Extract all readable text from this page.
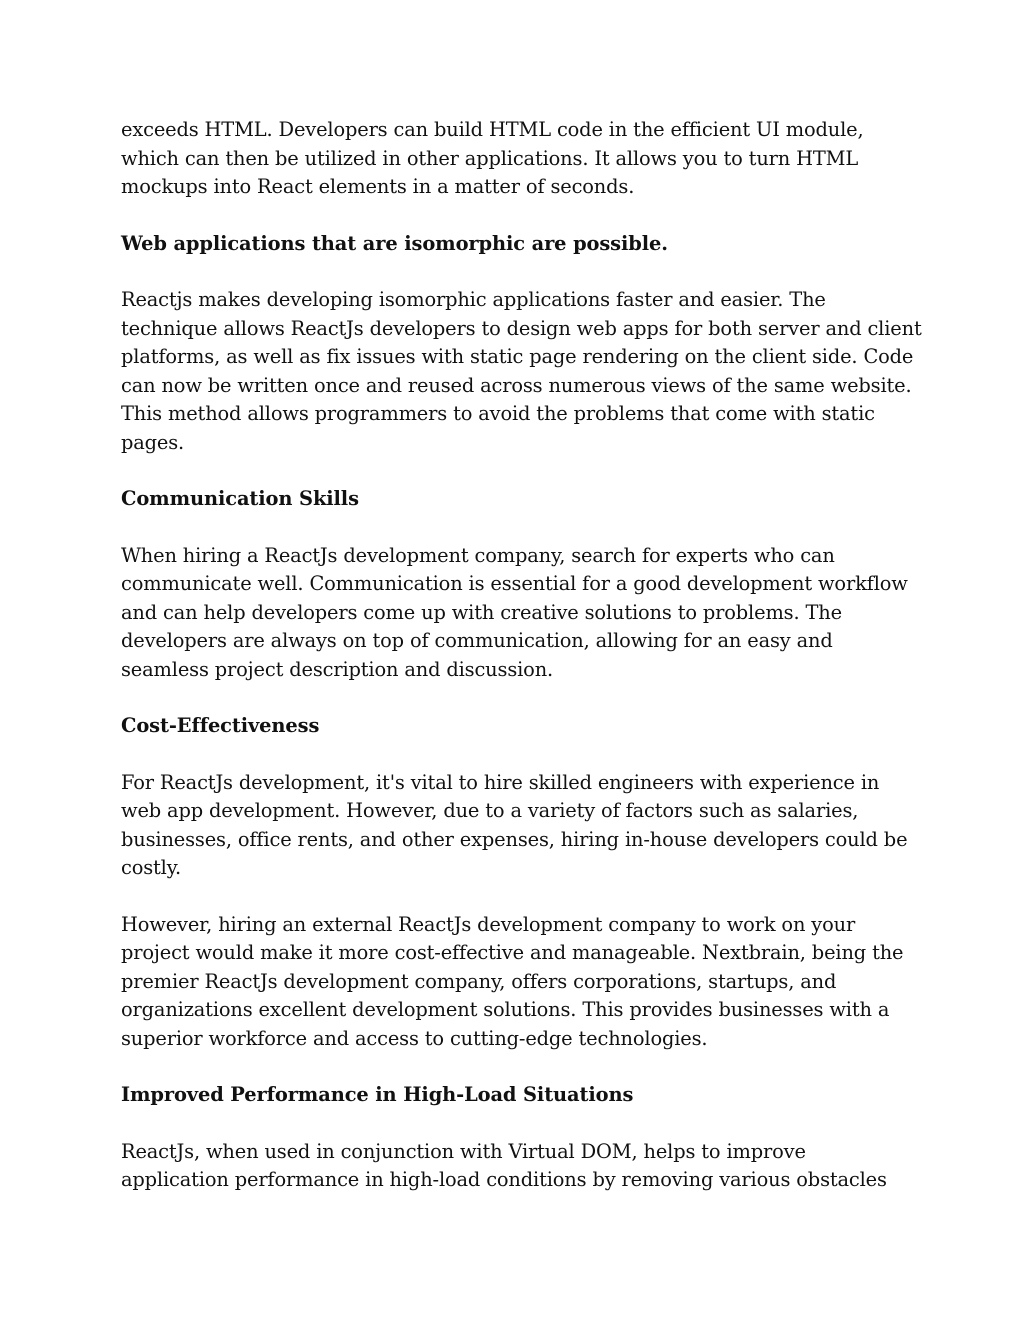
exceeds HTML. Developers can build HTML code in the efficient UI module,
which can then be utilized in other applications. It allows you to turn HTML
mockups into React elements in a matter of seconds.

Web applications that are isomorphic are possible.

Reactjs makes developing isomorphic applications faster and easier. The
technique allows ReactJs developers to design web apps for both server and client
platforms, as well as fix issues with static page rendering on the client side. Code
can now be written once and reused across numerous views of the same website.
This method allows programmers to avoid the problems that come with static
pages.

Communication Skills

When hiring a ReactJs development company, search for experts who can
communicate well. Communication is essential for a good development workflow
and can help developers come up with creative solutions to problems. The
developers are always on top of communication, allowing for an easy and
seamless project description and discussion.

Cost-Effectiveness

For ReactJs development, it's vital to hire skilled engineers with experience in
web app development. However, due to a variety of factors such as salaries,
businesses, office rents, and other expenses, hiring in-house developers could be
costly.

However, hiring an external ReactJs development company to work on your
project would make it more cost-effective and manageable. Nextbrain, being the
premier ReactJs development company, offers corporations, startups, and
organizations excellent development solutions. This provides businesses with a
superior workforce and access to cutting-edge technologies.

Improved Performance in High-Load Situations

ReactJs, when used in conjunction with Virtual DOM, helps to improve
application performance in high-load conditions by removing various obstacles
